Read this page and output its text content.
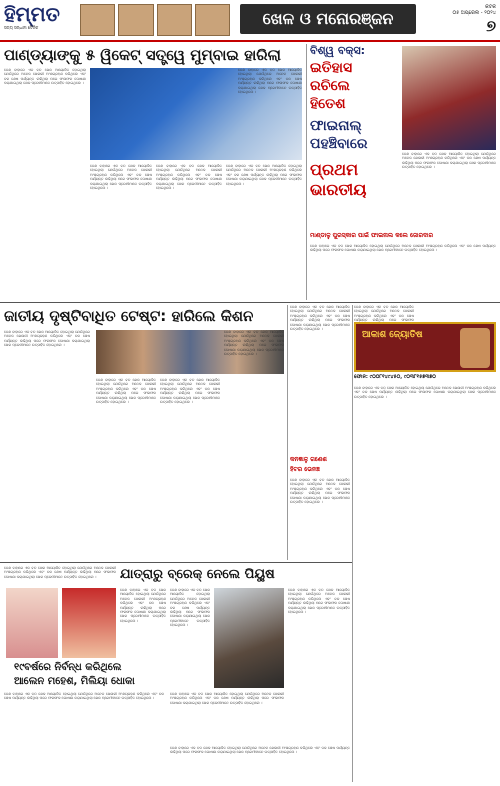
ହିମ୍ମତ
ସତ୍ୟ ସନ୍ଧାନୀ ଦୈନିକ	ଖେଳ ଓ ମନୋରଞ୍ଜନ
କଟକ
୦୫ ଅପ୍ରେଲ - ୨୦୨୪
୭
ପାଣ୍ଡ୍ୟାଙ୍କୁ ୫ ୱିକେଟ୍ ସତ୍ତ୍ୱେ ମୁମ୍ବାଇ ହାରିଲା
ଦେଶ ବାହାରେ ଏକ ବଡ ଖେଳ ଆୟୋଜିତ ହୋଇଥିଲା ଯେଉଁଥିରେ ଅନେକ ଖେଳାଳୀ ଅଂଶଗ୍ରହଣ କରିଥିଲେ ଏବଂ ଦଳ ଶେଷ ପର୍ଯ୍ୟନ୍ତ ଲଢିଥିଲା ପରେ ଫଳାଫଳ ଘୋଷଣା କରାଯାଇଥିଲା ଖେଳ ପ୍ରେମୀମାନେ ଉତ୍ସାହିତ ହୋଇଥିଲେ ।
ଦେଶ ବାହାରେ ଏକ ବଡ ଖେଳ ଆୟୋଜିତ ହୋଇଥିଲା ଯେଉଁଥିରେ ଅନେକ ଖେଳାଳୀ ଅଂଶଗ୍ରହଣ କରିଥିଲେ ଏବଂ ଦଳ ଶେଷ ପର୍ଯ୍ୟନ୍ତ ଲଢିଥିଲା ପରେ ଫଳାଫଳ ଘୋଷଣା କରାଯାଇଥିଲା ଖେଳ ପ୍ରେମୀମାନେ ଉତ୍ସାହିତ ହୋଇଥିଲେ ।
ଦେଶ ବାହାରେ ଏକ ବଡ ଖେଳ ଆୟୋଜିତ ହୋଇଥିଲା ଯେଉଁଥିରେ ଅନେକ ଖେଳାଳୀ ଅଂଶଗ୍ରହଣ କରିଥିଲେ ଏବଂ ଦଳ ଶେଷ ପର୍ଯ୍ୟନ୍ତ ଲଢିଥିଲା ପରେ ଫଳାଫଳ ଘୋଷଣା କରାଯାଇଥିଲା ଖେଳ ପ୍ରେମୀମାନେ ଉତ୍ସାହିତ ହୋଇଥିଲେ ।
ଦେଶ ବାହାରେ ଏକ ବଡ ଖେଳ ଆୟୋଜିତ ହୋଇଥିଲା ଯେଉଁଥିରେ ଅନେକ ଖେଳାଳୀ ଅଂଶଗ୍ରହଣ କରିଥିଲେ ଏବଂ ଦଳ ଶେଷ ପର୍ଯ୍ୟନ୍ତ ଲଢିଥିଲା ପରେ ଫଳାଫଳ ଘୋଷଣା କରାଯାଇଥିଲା ଖେଳ ପ୍ରେମୀମାନେ ଉତ୍ସାହିତ ହୋଇଥିଲେ ।
ଦେଶ ବାହାରେ ଏକ ବଡ ଖେଳ ଆୟୋଜିତ ହୋଇଥିଲା ଯେଉଁଥିରେ ଅନେକ ଖେଳାଳୀ ଅଂଶଗ୍ରହଣ କରିଥିଲେ ଏବଂ ଦଳ ଶେଷ ପର୍ଯ୍ୟନ୍ତ ଲଢିଥିଲା ପରେ ଫଳାଫଳ ଘୋଷଣା କରାଯାଇଥିଲା ଖେଳ ପ୍ରେମୀମାନେ ଉତ୍ସାହିତ ହୋଇଥିଲେ ।
ବିଶ୍ୱ ବକ୍ସ:
ଇତିହାସ
ରଚିଲେ
ହିତେଶ
ଫାଇନାଲ୍
ପହଞ୍ଚିବାରେ
ପ୍ରଥମ
ଭାରତୀୟ
ଦେଶ ବାହାରେ ଏକ ବଡ ଖେଳ ଆୟୋଜିତ ହୋଇଥିଲା ଯେଉଁଥିରେ ଅନେକ ଖେଳାଳୀ ଅଂଶଗ୍ରହଣ କରିଥିଲେ ଏବଂ ଦଳ ଶେଷ ପର୍ଯ୍ୟନ୍ତ ଲଢିଥିଲା ପରେ ଫଳାଫଳ ଘୋଷଣା କରାଯାଇଥିଲା ଖେଳ ପ୍ରେମୀମାନେ ଉତ୍ସାହିତ ହୋଇଥିଲେ ।
ମାଣ୍ଡାଳୁ ପୁରସ୍କାର ପାଇଁ ଫାଇନାଲ କଲେ ଜୋରଦାର
ଦେଶ ବାହାରେ ଏକ ବଡ ଖେଳ ଆୟୋଜିତ ହୋଇଥିଲା ଯେଉଁଥିରେ ଅନେକ ଖେଳାଳୀ ଅଂଶଗ୍ରହଣ କରିଥିଲେ ଏବଂ ଦଳ ଶେଷ ପର୍ଯ୍ୟନ୍ତ ଲଢିଥିଲା ପରେ ଫଳାଫଳ ଘୋଷଣା କରାଯାଇଥିଲା ଖେଳ ପ୍ରେମୀମାନେ ଉତ୍ସାହିତ ହୋଇଥିଲେ ।
ଜାତୀୟ ଦୃଷ୍ଟିବାଧିତ ଟେଷ୍ଟ: ହାରିଲେ କିଶନ
ଦେଶ ବାହାରେ ଏକ ବଡ ଖେଳ ଆୟୋଜିତ ହୋଇଥିଲା ଯେଉଁଥିରେ ଅନେକ ଖେଳାଳୀ ଅଂଶଗ୍ରହଣ କରିଥିଲେ ଏବଂ ଦଳ ଶେଷ ପର୍ଯ୍ୟନ୍ତ ଲଢିଥିଲା ପରେ ଫଳାଫଳ ଘୋଷଣା କରାଯାଇଥିଲା ଖେଳ ପ୍ରେମୀମାନେ ଉତ୍ସାହିତ ହୋଇଥିଲେ ।
ଦେଶ ବାହାରେ ଏକ ବଡ ଖେଳ ଆୟୋଜିତ ହୋଇଥିଲା ଯେଉଁଥିରେ ଅନେକ ଖେଳାଳୀ ଅଂଶଗ୍ରହଣ କରିଥିଲେ ଏବଂ ଦଳ ଶେଷ ପର୍ଯ୍ୟନ୍ତ ଲଢିଥିଲା ପରେ ଫଳାଫଳ ଘୋଷଣା କରାଯାଇଥିଲା ଖେଳ ପ୍ରେମୀମାନେ ଉତ୍ସାହିତ ହୋଇଥିଲେ ।
ଦେଶ ବାହାରେ ଏକ ବଡ ଖେଳ ଆୟୋଜିତ ହୋଇଥିଲା ଯେଉଁଥିରେ ଅନେକ ଖେଳାଳୀ ଅଂଶଗ୍ରହଣ କରିଥିଲେ ଏବଂ ଦଳ ଶେଷ ପର୍ଯ୍ୟନ୍ତ ଲଢିଥିଲା ପରେ ଫଳାଫଳ ଘୋଷଣା କରାଯାଇଥିଲା ଖେଳ ପ୍ରେମୀମାନେ ଉତ୍ସାହିତ ହୋଇଥିଲେ ।
ଦେଶ ବାହାରେ ଏକ ବଡ ଖେଳ ଆୟୋଜିତ ହୋଇଥିଲା ଯେଉଁଥିରେ ଅନେକ ଖେଳାଳୀ ଅଂଶଗ୍ରହଣ କରିଥିଲେ ଏବଂ ଦଳ ଶେଷ ପର୍ଯ୍ୟନ୍ତ ଲଢିଥିଲା ପରେ ଫଳାଫଳ ଘୋଷଣା କରାଯାଇଥିଲା ଖେଳ ପ୍ରେମୀମାନେ ଉତ୍ସାହିତ ହୋଇଥିଲେ ।
ଦେଶ ବାହାରେ ଏକ ବଡ ଖେଳ ଆୟୋଜିତ ହୋଇଥିଲା ଯେଉଁଥିରେ ଅନେକ ଖେଳାଳୀ ଅଂଶଗ୍ରହଣ କରିଥିଲେ ଏବଂ ଦଳ ଶେଷ ପର୍ଯ୍ୟନ୍ତ ଲଢିଥିଲା ପରେ ଫଳାଫଳ ଘୋଷଣା କରାଯାଇଥିଲା ଖେଳ ପ୍ରେମୀମାନେ ଉତ୍ସାହିତ ହୋଇଥିଲେ ।
କନଜ୍ଞାଳୁ ଗଣେଶ
ହିଟର ଭେନଞ୍ଚ
ଦେଶ ବାହାରେ ଏକ ବଡ ଖେଳ ଆୟୋଜିତ ହୋଇଥିଲା ଯେଉଁଥିରେ ଅନେକ ଖେଳାଳୀ ଅଂଶଗ୍ରହଣ କରିଥିଲେ ଏବଂ ଦଳ ଶେଷ ପର୍ଯ୍ୟନ୍ତ ଲଢିଥିଲା ପରେ ଫଳାଫଳ ଘୋଷଣା କରାଯାଇଥିଲା ଖେଳ ପ୍ରେମୀମାନେ ଉତ୍ସାହିତ ହୋଇଥିଲେ ।
ଦେଶ ବାହାରେ ଏକ ବଡ ଖେଳ ଆୟୋଜିତ ହୋଇଥିଲା ଯେଉଁଥିରେ ଅନେକ ଖେଳାଳୀ ଅଂଶଗ୍ରହଣ କରିଥିଲେ ଏବଂ ଦଳ ଶେଷ ପର୍ଯ୍ୟନ୍ତ ଲଢିଥିଲା ପରେ ଫଳାଫଳ
ଆକାଶ ଜ୍ୟୋତିଷ
ଫୋନ: ୯୦୦୮୧୪୯୪୫୦, ୯୦୩୮୧୫୭୩୭୦
ଦେଶ ବାହାରେ ଏକ ବଡ ଖେଳ ଆୟୋଜିତ ହୋଇଥିଲା ଯେଉଁଥିରେ ଅନେକ ଖେଳାଳୀ ଅଂଶଗ୍ରହଣ କରିଥିଲେ ଏବଂ ଦଳ ଶେଷ ପର୍ଯ୍ୟନ୍ତ ଲଢିଥିଲା ପରେ ଫଳାଫଳ ଘୋଷଣା କରାଯାଇଥିଲା ଖେଳ ପ୍ରେମୀମାନେ ଉତ୍ସାହିତ ହୋଇଥିଲେ ।
ଯାତ୍ରାରୁ ବ୍ରେକ୍ ନେଲେ ପିୟୁଷ
ଦେଶ ବାହାରେ ଏକ ବଡ ଖେଳ ଆୟୋଜିତ ହୋଇଥିଲା ଯେଉଁଥିରେ ଅନେକ ଖେଳାଳୀ ଅଂଶଗ୍ରହଣ କରିଥିଲେ ଏବଂ ଦଳ ଶେଷ ପର୍ଯ୍ୟନ୍ତ ଲଢିଥିଲା ପରେ ଫଳାଫଳ ଘୋଷଣା କରାଯାଇଥିଲା ଖେଳ ପ୍ରେମୀମାନେ ଉତ୍ସାହିତ ହୋଇଥିଲେ ।
ଦେଶ ବାହାରେ ଏକ ବଡ ଖେଳ ଆୟୋଜିତ ହୋଇଥିଲା ଯେଉଁଥିରେ ଅନେକ ଖେଳାଳୀ ଅଂଶଗ୍ରହଣ କରିଥିଲେ ଏବଂ ଦଳ ଶେଷ ପର୍ଯ୍ୟନ୍ତ ଲଢିଥିଲା ପରେ ଫଳାଫଳ ଘୋଷଣା କରାଯାଇଥିଲା ଖେଳ ପ୍ରେମୀମାନେ ଉତ୍ସାହିତ ହୋଇଥିଲେ ।
ଦେଶ ବାହାରେ ଏକ ବଡ ଖେଳ ଆୟୋଜିତ ହୋଇଥିଲା ଯେଉଁଥିରେ ଅନେକ ଖେଳାଳୀ ଅଂଶଗ୍ରହଣ କରିଥିଲେ ଏବଂ ଦଳ ଶେଷ ପର୍ଯ୍ୟନ୍ତ ଲଢିଥିଲା ପରେ ଫଳାଫଳ ଘୋଷଣା କରାଯାଇଥିଲା ଖେଳ ପ୍ରେମୀମାନେ ଉତ୍ସାହିତ ହୋଇଥିଲେ ।
ଦେଶ ବାହାରେ ଏକ ବଡ ଖେଳ ଆୟୋଜିତ ହୋଇଥିଲା ଯେଉଁଥିରେ ଅନେକ ଖେଳାଳୀ ଅଂଶଗ୍ରହଣ କରିଥିଲେ ଏବଂ ଦଳ ଶେଷ ପର୍ଯ୍ୟନ୍ତ ଲଢିଥିଲା ପରେ ଫଳାଫଳ ଘୋଷଣା କରାଯାଇଥିଲା ଖେଳ ପ୍ରେମୀମାନେ ଉତ୍ସାହିତ ହୋଇଥିଲେ ।
ଦେଶ ବାହାରେ ଏକ ବଡ ଖେଳ ଆୟୋଜିତ ହୋଇଥିଲା ଯେଉଁଥିରେ ଅନେକ ଖେଳାଳୀ ଅଂଶଗ୍ରହଣ କରିଥିଲେ ଏବଂ ଦଳ ଶେଷ ପର୍ଯ୍ୟନ୍ତ ଲଢିଥିଲା ପରେ ଫଳାଫଳ ଘୋଷଣା କରାଯାଇଥିଲା ଖେଳ ପ୍ରେମୀମାନେ ଉତ୍ସାହିତ ହୋଇଥିଲେ ।
୧୯ବର୍ଷରେ ନିର୍ବନ୍ଧ କରିଥିଲେ
ଆଲେନ ମହେଶ, ମିଲିୟା ଧୋକା
ଦେଶ ବାହାରେ ଏକ ବଡ ଖେଳ ଆୟୋଜିତ ହୋଇଥିଲା ଯେଉଁଥିରେ ଅନେକ ଖେଳାଳୀ ଅଂଶଗ୍ରହଣ କରିଥିଲେ ଏବଂ ଦଳ ଶେଷ ପର୍ଯ୍ୟନ୍ତ ଲଢିଥିଲା ପରେ ଫଳାଫଳ ଘୋଷଣା କରାଯାଇଥିଲା ଖେଳ ପ୍ରେମୀମାନେ ଉତ୍ସାହିତ ହୋଇଥିଲେ ।
ଦେଶ ବାହାରେ ଏକ ବଡ ଖେଳ ଆୟୋଜିତ ହୋଇଥିଲା ଯେଉଁଥିରେ ଅନେକ ଖେଳାଳୀ ଅଂଶଗ୍ରହଣ କରିଥିଲେ ଏବଂ ଦଳ ଶେଷ ପର୍ଯ୍ୟନ୍ତ ଲଢିଥିଲା ପରେ ଫଳାଫଳ ଘୋଷଣା କରାଯାଇଥିଲା ଖେଳ ପ୍ରେମୀମାନେ ଉତ୍ସାହିତ ହୋଇଥିଲେ ।
